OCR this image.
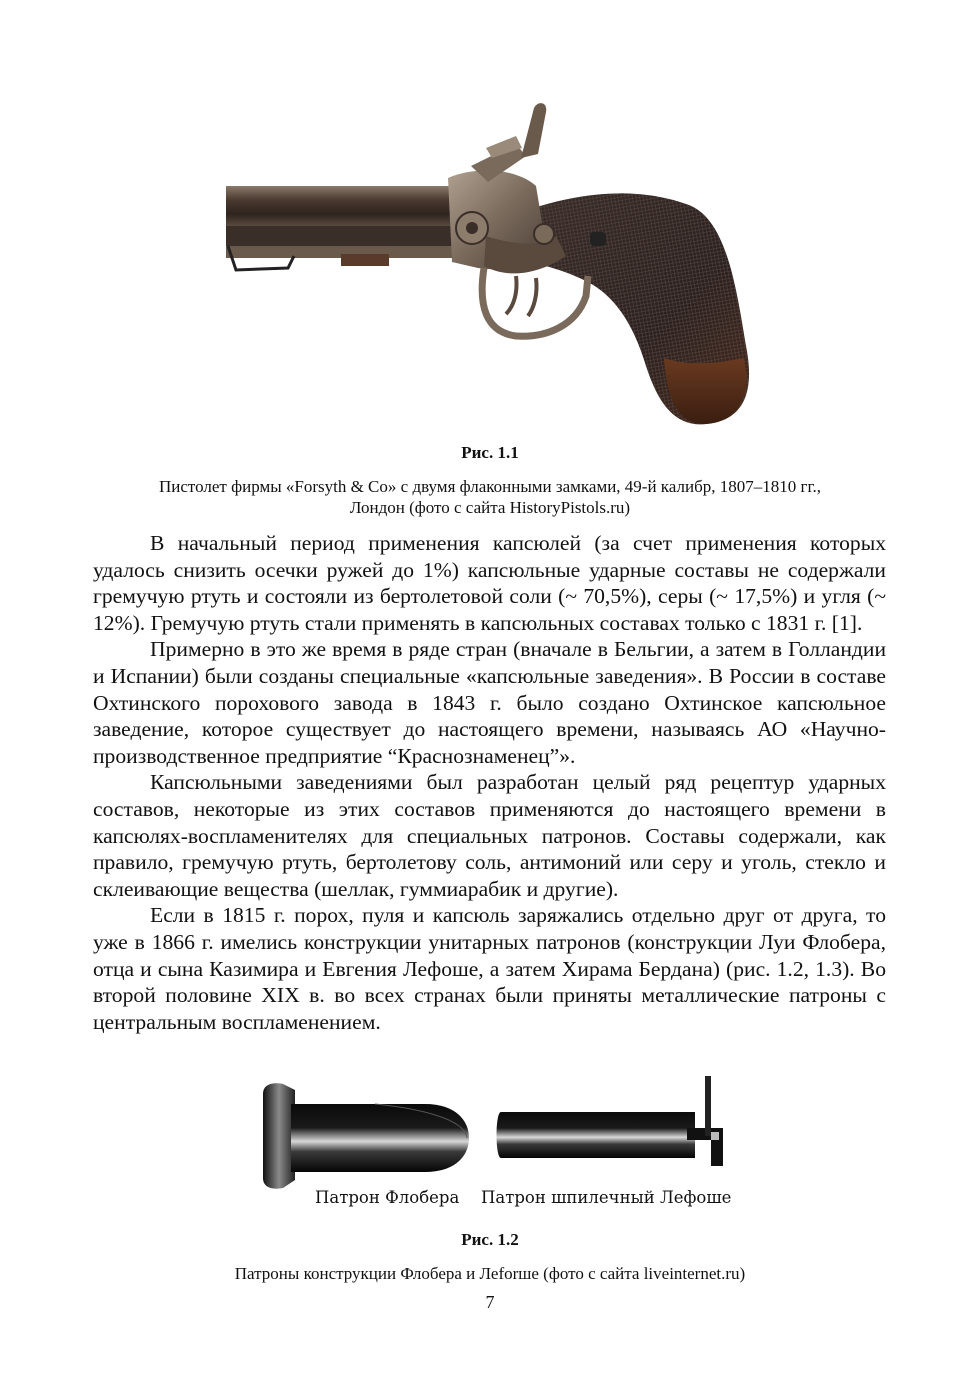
Рис. 1.1
Пистолет фирмы «Forsyth & Co» с двумя флаконными замками, 49-й калибр, 1807–1810 гг.,
Лондон (фото с сайта HistoryPistols.ru)

В начальный период применения капсюлей (за счет применения которых удалось снизить осечки ружей до 1%) капсюльные ударные составы не содержали гремучую ртуть и состояли из бертолетовой соли (~ 70,5%), серы (~ 17,5%) и угля (~ 12%). Гремучую ртуть стали применять в капсюльных составах только с 1831 г. [1].

Примерно в это же время в ряде стран (вначале в Бельгии, а затем в Голландии и Испании) были созданы специальные «капсюльные заведения». В России в составе Охтинского порохового завода в 1843 г. было создано Охтинское капсюльное заведение, которое существует до настоящего времени, называясь АО «Научно-производственное предприятие “Краснознаменец”».

Капсюльными заведениями был разработан целый ряд рецептур ударных составов, некоторые из этих составов применяются до настоящего времени в капсюлях-воспламенителях для специальных патронов. Составы содержали, как правило, гремучую ртуть, бертолетову соль, антимоний или серу и уголь, стекло и склеивающие вещества (шеллак, гуммиарабик и другие).

Если в 1815 г. порох, пуля и капсюль заряжались отдельно друг от друга, то уже в 1866 г. имелись конструкции унитарных патронов (конструкции Луи Флобера, отца и сына Казимира и Евгения Лефоше, а затем Хирама Бердана) (рис. 1.2, 1.3). Во второй половине XIX в. во всех странах были приняты металлические патроны с центральным воспламенением.

Патрон Флобера Патрон шпилечный Лефоше
Рис. 1.2
Патроны конструкции Флобера и Леforше (фото с сайта liveinternet.ru)
7
